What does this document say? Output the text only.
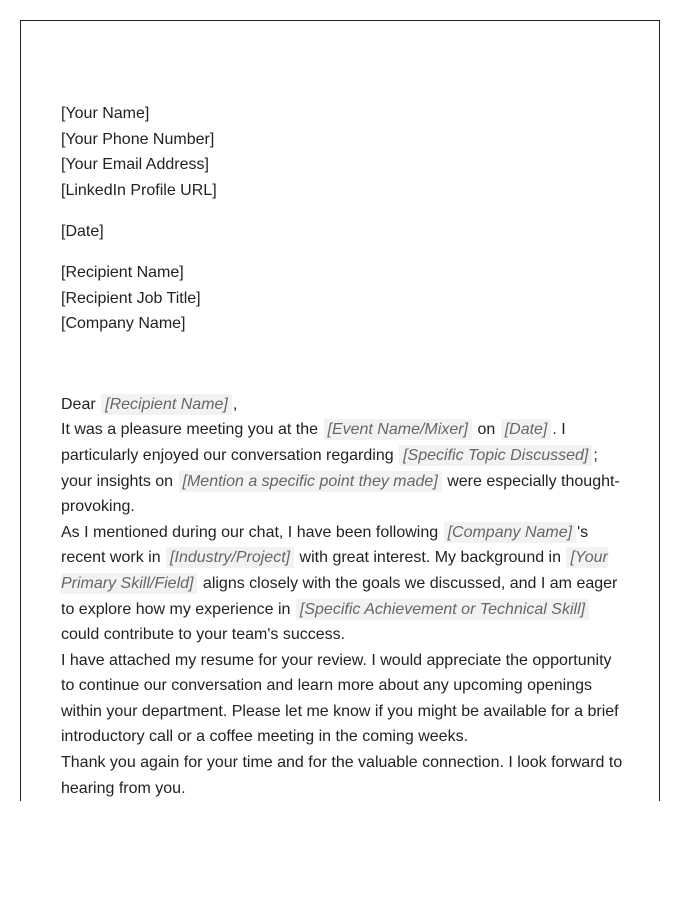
[Your Name]
[Your Phone Number]
[Your Email Address]
[LinkedIn Profile URL]
[Date]
[Recipient Name]
[Recipient Job Title]
[Company Name]
Dear [Recipient Name] ,
It was a pleasure meeting you at the [Event Name/Mixer] on [Date] . I particularly enjoyed our conversation regarding [Specific Topic Discussed] ; your insights on [Mention a specific point they made] were especially thought-provoking.
As I mentioned during our chat, I have been following [Company Name] 's recent work in [Industry/Project] with great interest. My background in [Your Primary Skill/Field] aligns closely with the goals we discussed, and I am eager to explore how my experience in [Specific Achievement or Technical Skill] could contribute to your team's success.
I have attached my resume for your review. I would appreciate the opportunity to continue our conversation and learn more about any upcoming openings within your department. Please let me know if you might be available for a brief introductory call or a coffee meeting in the coming weeks.
Thank you again for your time and for the valuable connection. I look forward to hearing from you.
